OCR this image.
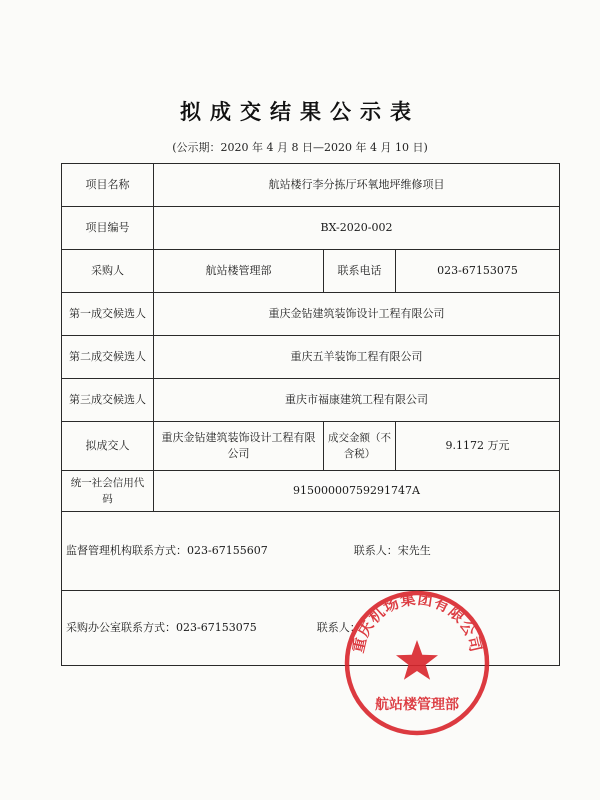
拟成交结果公示表
(公示期：2020 年 4 月 8 日—2020 年 4 月 10 日)
项目名称	航站楼行李分拣厅环氧地坪维修项目		
项目编号	BX-2020-002		
采购人	航站楼管理部	联系电话	023-67153075
第一成交候选人	重庆金钻建筑装饰设计工程有限公司		
第二成交候选人	重庆五羊装饰工程有限公司		
第三成交候选人	重庆市福康建筑工程有限公司		
拟成交人	重庆金钻建筑装饰设计工程有限公司	成交金额（不含税）	9.1172 万元
统一社会信用代码	91500000759291747A		
监督管理机构联系方式：023-67155607 联系人：宋先生			
采购办公室联系方式：023-67153075 联系人：			
重庆机场集团有限公司
航站楼管理部
